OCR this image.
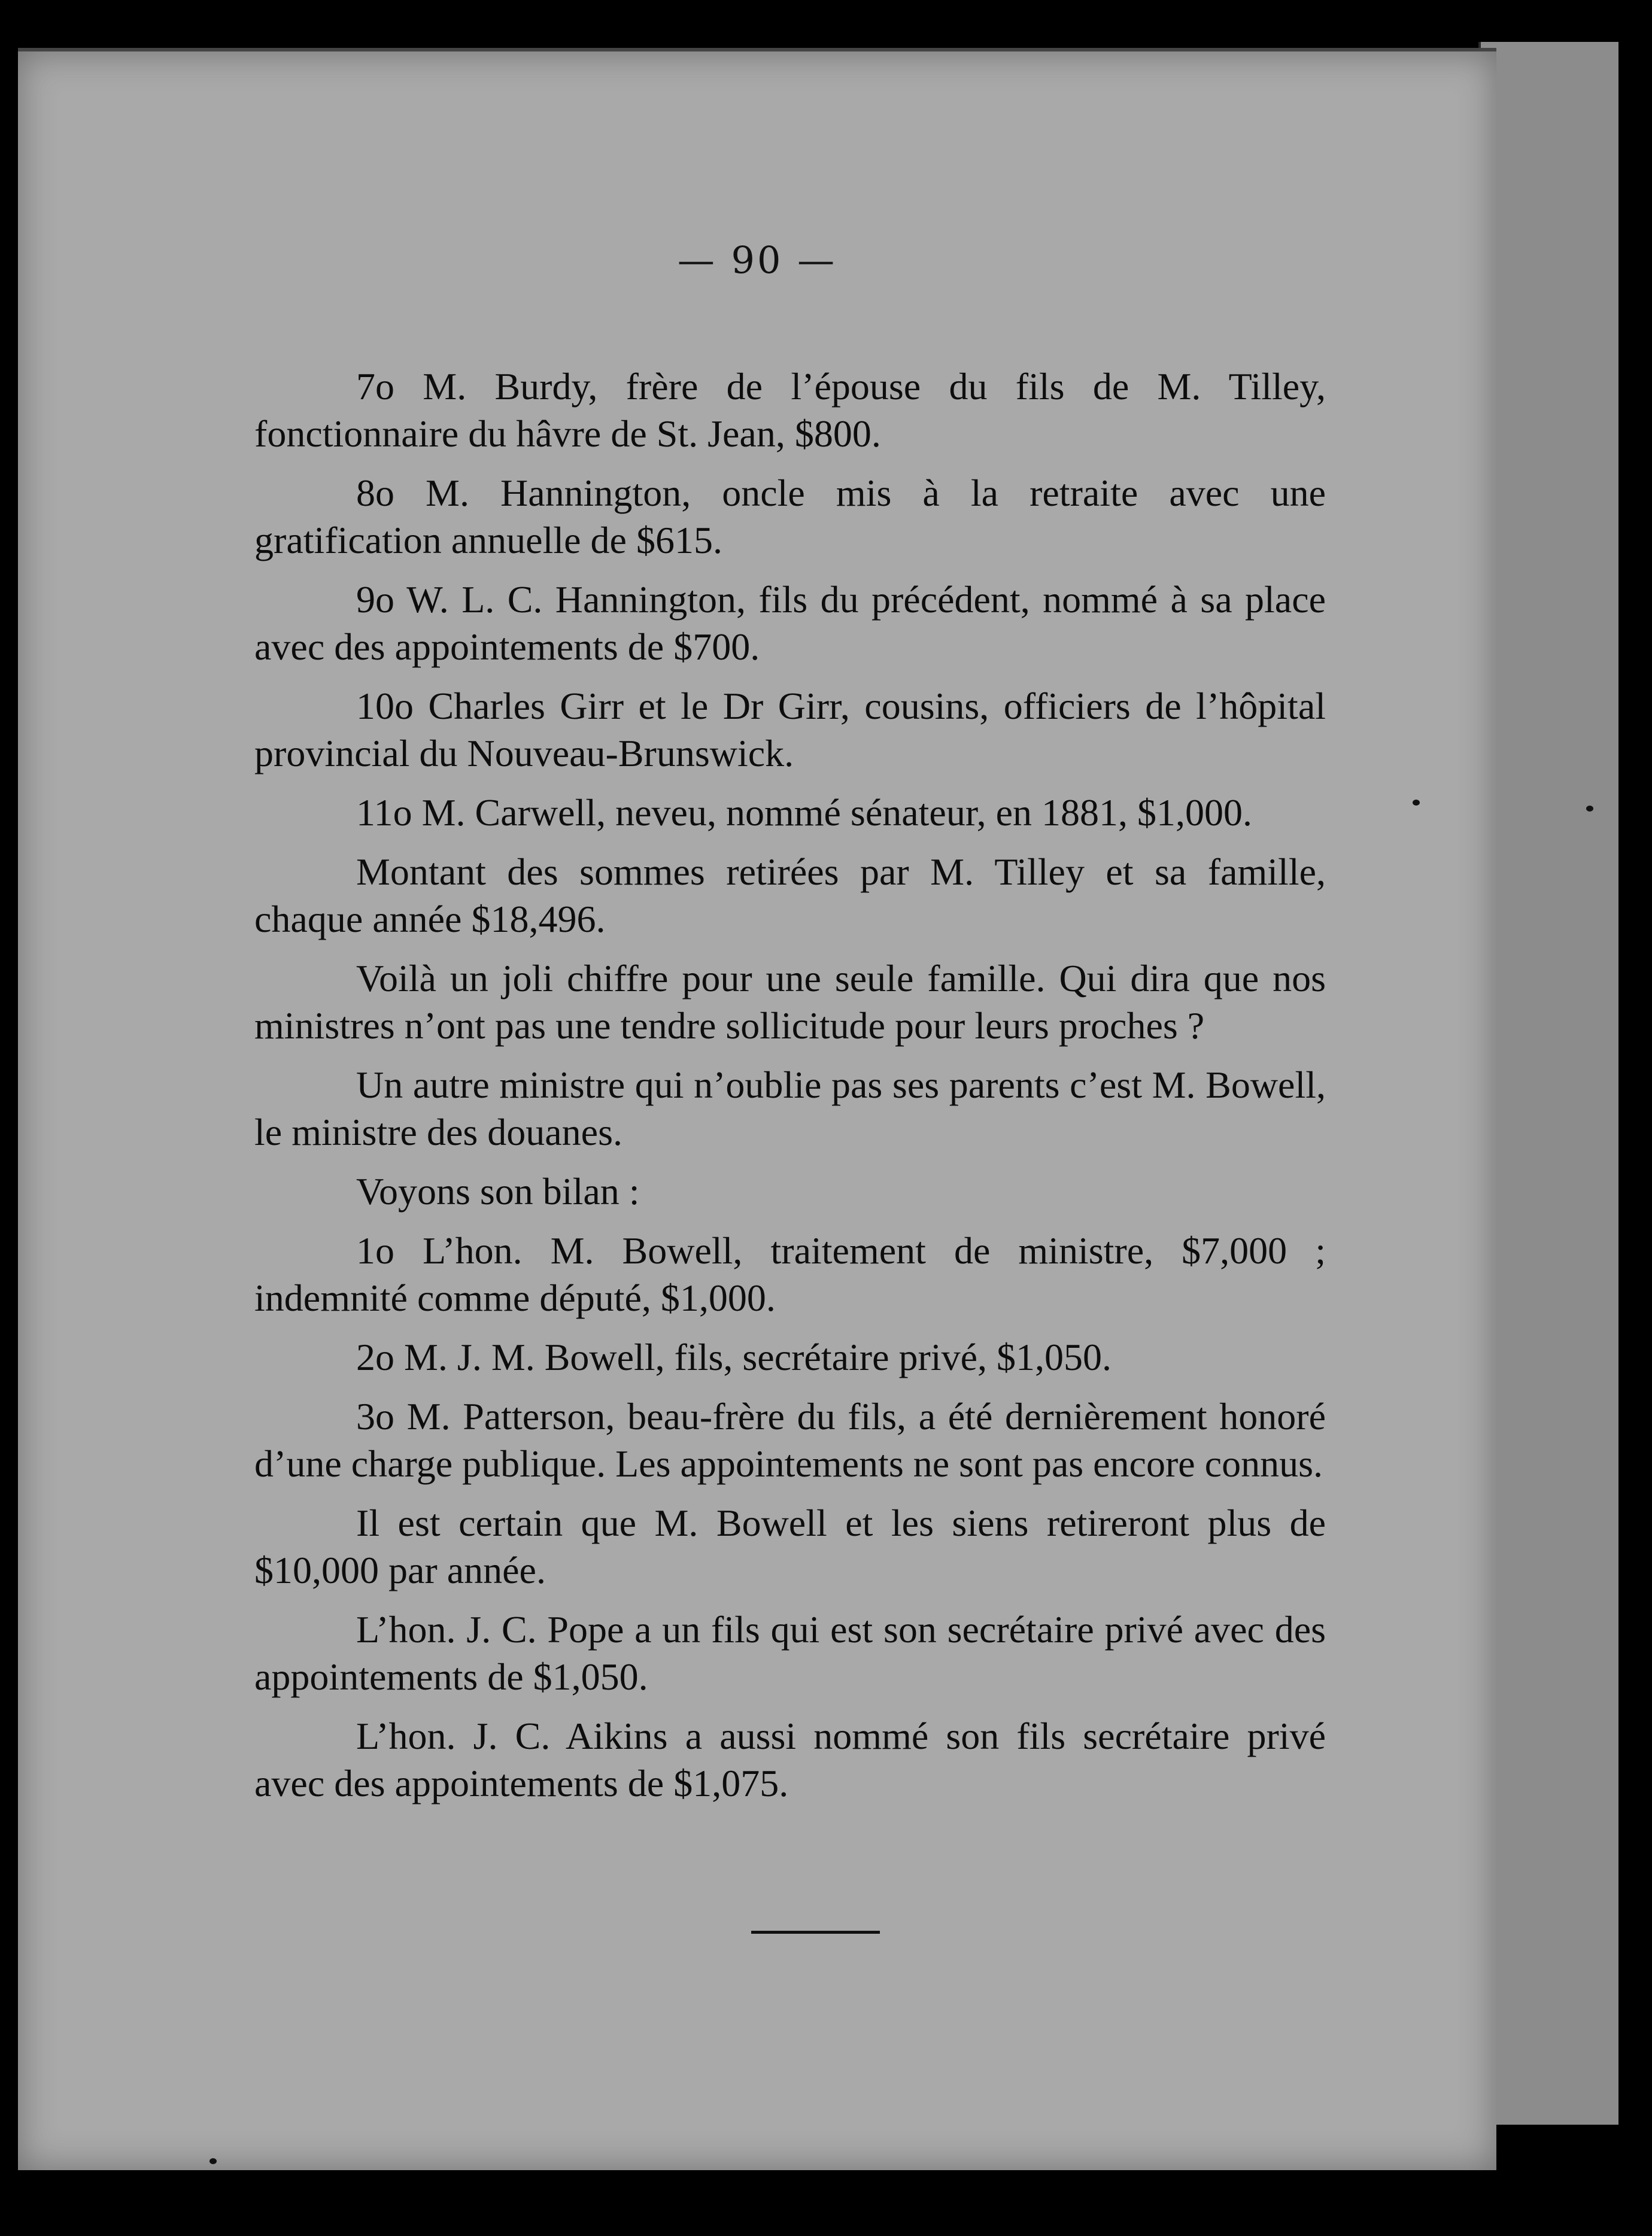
— 90 —

7o M. Burdy, frère de l’épouse du fils de M. Tilley, fonctionnaire du hâvre de St. Jean, $800.

8o M. Hannington, oncle mis à la retraite avec une gratification annuelle de $615.

9o W. L. C. Hannington, fils du précédent, nommé à sa place avec des appointements de $700.

10o Charles Girr et le Dr Girr, cousins, officiers de l’hôpital provincial du Nouveau-Brunswick.

11o M. Carwell, neveu, nommé sénateur, en 1881, $1,000.

Montant des sommes retirées par M. Tilley et sa famille, chaque année $18,496.

Voilà un joli chiffre pour une seule famille. Qui dira que nos ministres n’ont pas une tendre sollicitude pour leurs proches ?

Un autre ministre qui n’oublie pas ses parents c’est M. Bowell, le ministre des douanes.

Voyons son bilan :

1o L’hon. M. Bowell, traitement de ministre, $7,000 ; indemnité comme député, $1,000.

2o M. J. M. Bowell, fils, secrétaire privé, $1,050.

3o M. Patterson, beau-frère du fils, a été dernièrement honoré d’une charge publique. Les appointements ne sont pas encore connus.

Il est certain que M. Bowell et les siens retireront plus de $10,000 par année.

L’hon. J. C. Pope a un fils qui est son secrétaire privé avec des appointements de $1,050.

L’hon. J. C. Aikins a aussi nommé son fils secrétaire privé avec des appointements de $1,075.
